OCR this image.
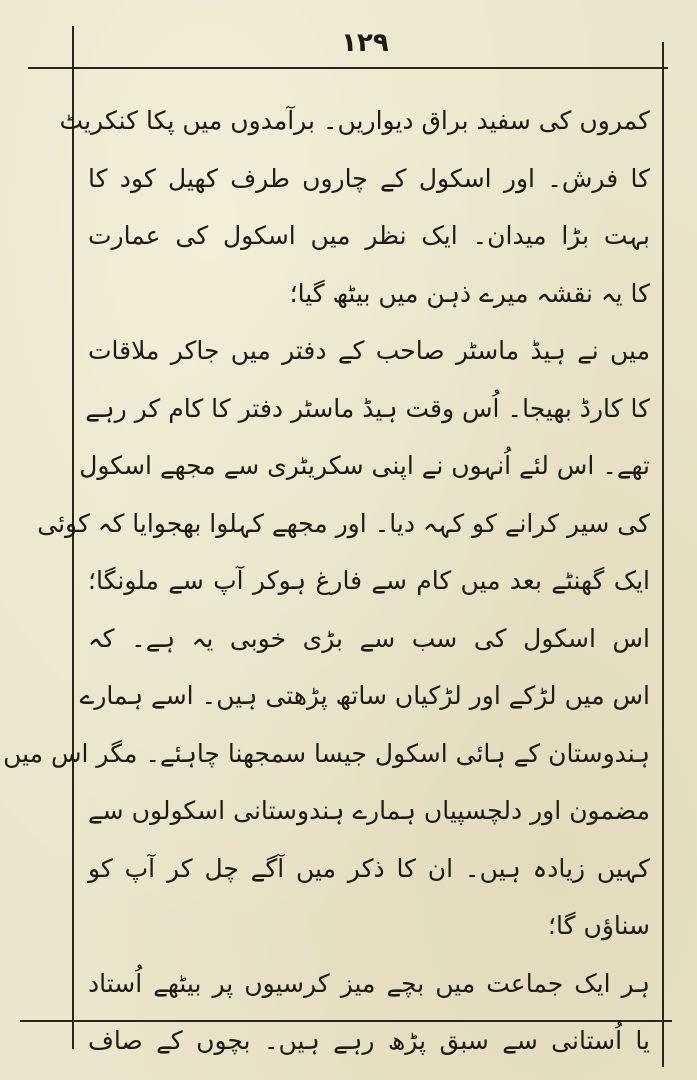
۱۲۹
کمروں کی سفید براق دیواریں۔ برآمدوں میں پکا کنکریٹ
کا فرش۔ اور اسکول کے چاروں طرف کھیل کود کا
بہت بڑا میدان۔ ایک نظر میں اسکول کی عمارت
کا یہ نقشہ میرے ذہن میں بیٹھ گیا؛
میں نے ہیڈ ماسٹر صاحب کے دفتر میں جاکر ملاقات
کا کارڈ بھیجا۔ اُس وقت ہیڈ ماسٹر دفتر کا کام کر رہے
تھے۔ اس لئے اُنہوں نے اپنی سکریٹری سے مجھے اسکول
کی سیر کرانے کو کہہ دیا۔ اور مجھے کہلوا بھجوایا کہ کوئی
ایک گھنٹے بعد میں کام سے فارغ ہوکر آپ سے ملونگا؛
اس اسکول کی سب سے بڑی خوبی یہ ہے۔ کہ
اس میں لڑکے اور لڑکیاں ساتھ پڑھتی ہیں۔ اسے ہمارے
ہندوستان کے ہائی اسکول جیسا سمجھنا چاہئے۔ مگر اس میں
مضمون اور دلچسپیاں ہمارے ہندوستانی اسکولوں سے
کہیں زیادہ ہیں۔ ان کا ذکر میں آگے چل کر آپ کو
سناؤں گا؛
ہر ایک جماعت میں بچے میز کرسیوں پر بیٹھے اُستاد
یا اُستانی سے سبق پڑھ رہے ہیں۔ بچوں کے صاف
